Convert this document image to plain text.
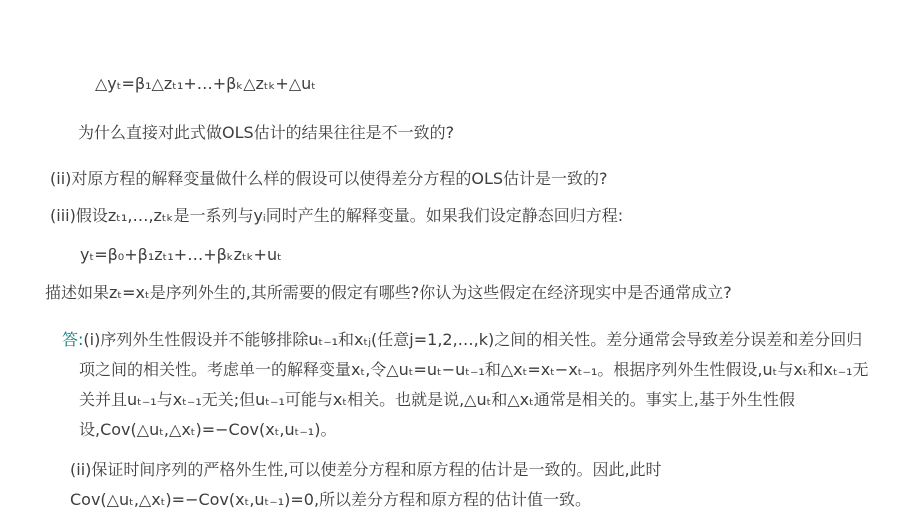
△yₜ=β₁△zₜ₁+…+βₖ△zₜₖ+△uₜ
为什么直接对此式做OLS估计的结果往往是不一致的?
(ii)对原方程的解释变量做什么样的假设可以使得差分方程的OLS估计是一致的?
(iii)假设zₜ₁,…,zₜₖ是一系列与yᵢ同时产生的解释变量。如果我们设定静态回归方程:
yₜ=β₀+β₁zₜ₁+…+βₖzₜₖ+uₜ
描述如果zₜ=xₜ是序列外生的,其所需要的假定有哪些?你认为这些假定在经济现实中是否通常成立?
答:(i)序列外生性假设并不能够排除uₜ₋₁和xₜⱼ(任意j=1,2,…,k)之间的相关性。差分通常会导致差分误差和差分回归项之间的相关性。考虑单一的解释变量xₜ,令△uₜ=uₜ−uₜ₋₁和△xₜ=xₜ−xₜ₋₁。根据序列外生性假设,uₜ与xₜ和xₜ₋₁无关并且uₜ₋₁与xₜ₋₁无关;但uₜ₋₁可能与xₜ相关。也就是说,△uₜ和△xₜ通常是相关的。事实上,基于外生性假设,Cov(△uₜ,△xₜ)=−Cov(xₜ,uₜ₋₁)。
(ii)保证时间序列的严格外生性,可以使差分方程和原方程的估计是一致的。因此,此时Cov(△uₜ,△xₜ)=−Cov(xₜ,uₜ₋₁)=0,所以差分方程和原方程的估计值一致。
